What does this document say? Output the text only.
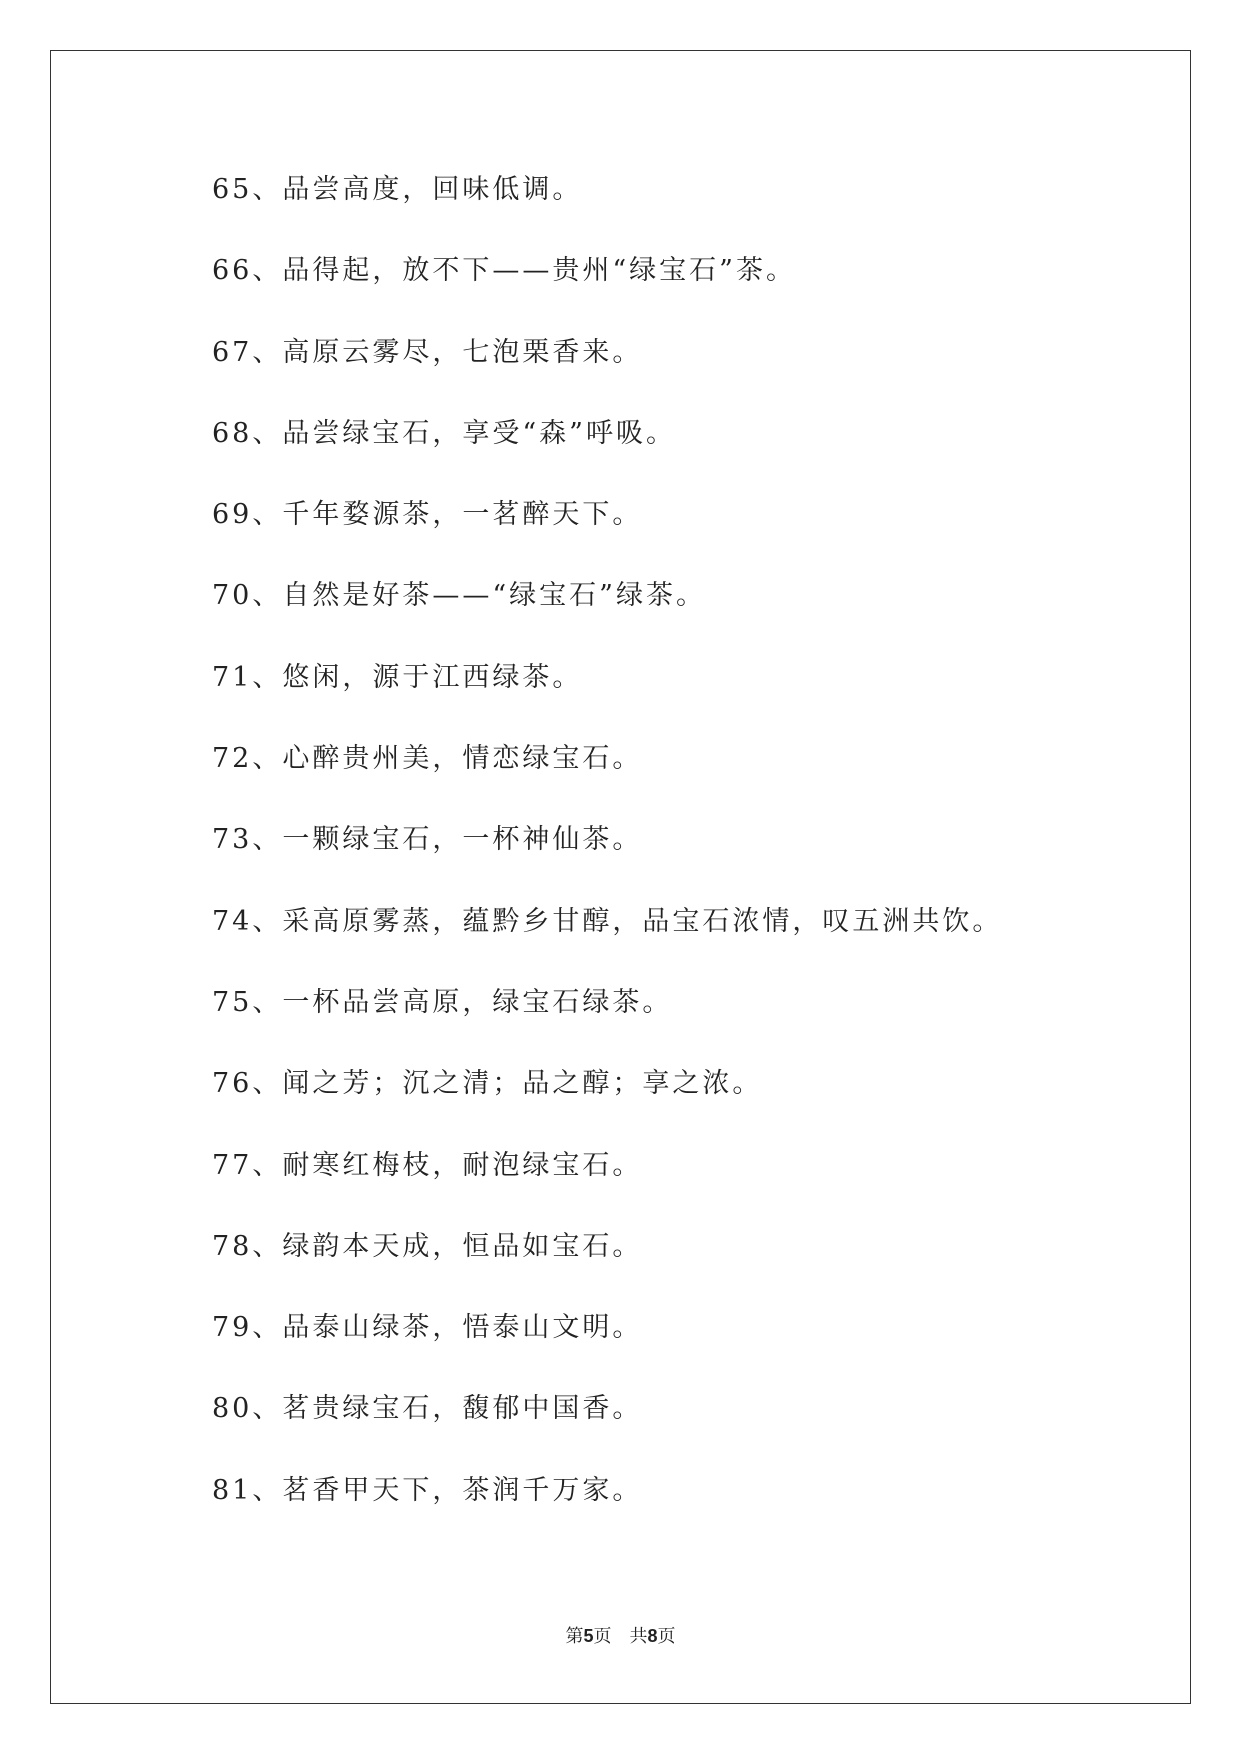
65、品尝高度，回味低调。
66、品得起，放不下——贵州“绿宝石”茶。
67、高原云雾尽，七泡栗香来。
68、品尝绿宝石，享受“森”呼吸。
69、千年婺源茶，一茗醉天下。
70、自然是好茶——“绿宝石”绿茶。
71、悠闲，源于江西绿茶。
72、心醉贵州美，情恋绿宝石。
73、一颗绿宝石，一杯神仙茶。
74、采高原雾蒸，蕴黔乡甘醇，品宝石浓情，叹五洲共饮。
75、一杯品尝高原，绿宝石绿茶。
76、闻之芳；沉之清；品之醇；享之浓。
77、耐寒红梅枝，耐泡绿宝石。
78、绿韵本天成，恒品如宝石。
79、品泰山绿茶，悟泰山文明。
80、茗贵绿宝石，馥郁中国香。
81、茗香甲天下，茶润千万家。
第5页 共8页
